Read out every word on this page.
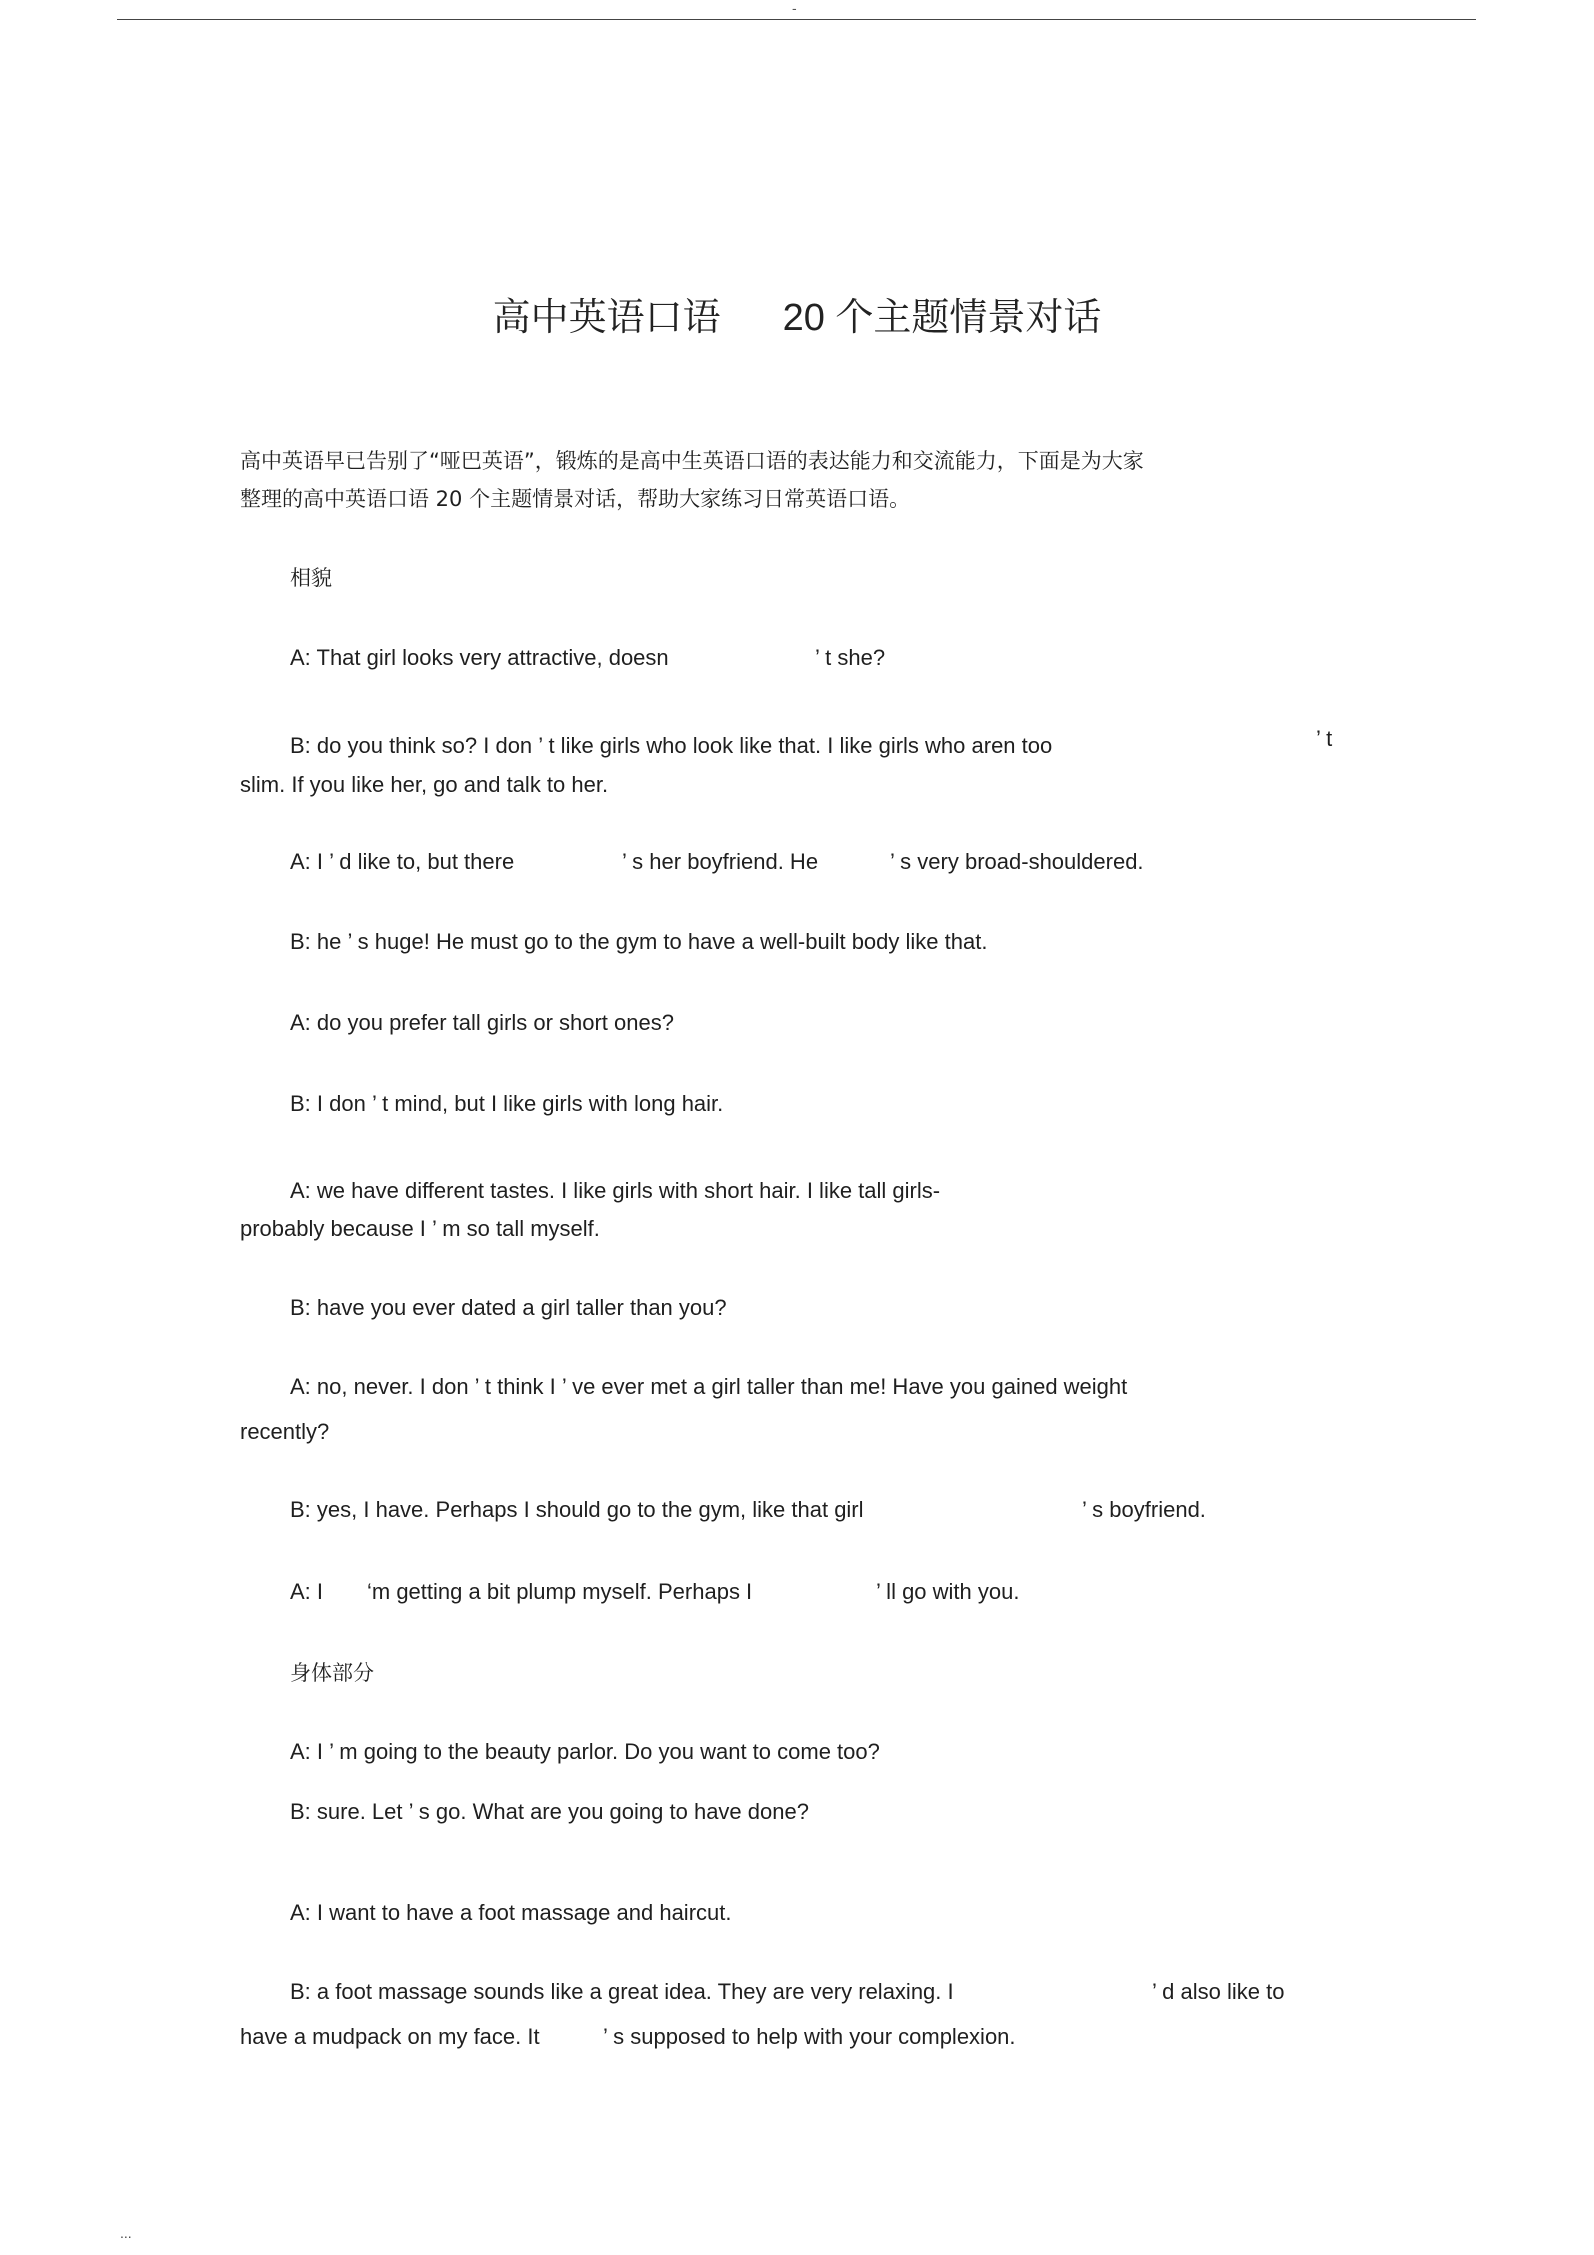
-
高中英语口语 20 个主题情景对话
高中英语早已告别了“哑巴英语”，锻炼的是高中生英语口语的表达能力和交流能力，下面是为大家
整理的高中英语口语 20 个主题情景对话，帮助大家练习日常英语口语。
相貌
A: That girl looks very attractive, doesn	’ t she?
B: do you think so? I don ’ t like girls who look like that. I like girls who aren too	’ t
slim. If you like her, go and talk to her.
A: I ’ d like to, but there	’ s her boyfriend. He	’ s very broad-shouldered.
B: he ’ s huge! He must go to the gym to have a well-built body like that.
A: do you prefer tall girls or short ones?
B: I don ’ t mind, but I like girls with long hair.
A: we have different tastes. I like girls with short hair. I like tall girls-
probably because I ’ m so tall myself.
B: have you ever dated a girl taller than you?
A: no, never. I don ’ t think I ’ ve ever met a girl taller than me! Have you gained weight
recently?
B: yes, I have. Perhaps I should go to the gym, like that girl	’ s boyfriend.
A: I ‘m getting a bit plump myself. Perhaps I	’ ll go with you.
身体部分
A: I ’ m going to the beauty parlor. Do you want to come too?
B: sure. Let ’ s go. What are you going to have done?
A: I want to have a foot massage and haircut.
B: a foot massage sounds like a great idea. They are very relaxing. I	’ d also like to
have a mudpack on my face. It	’ s supposed to help with your complexion.
...
